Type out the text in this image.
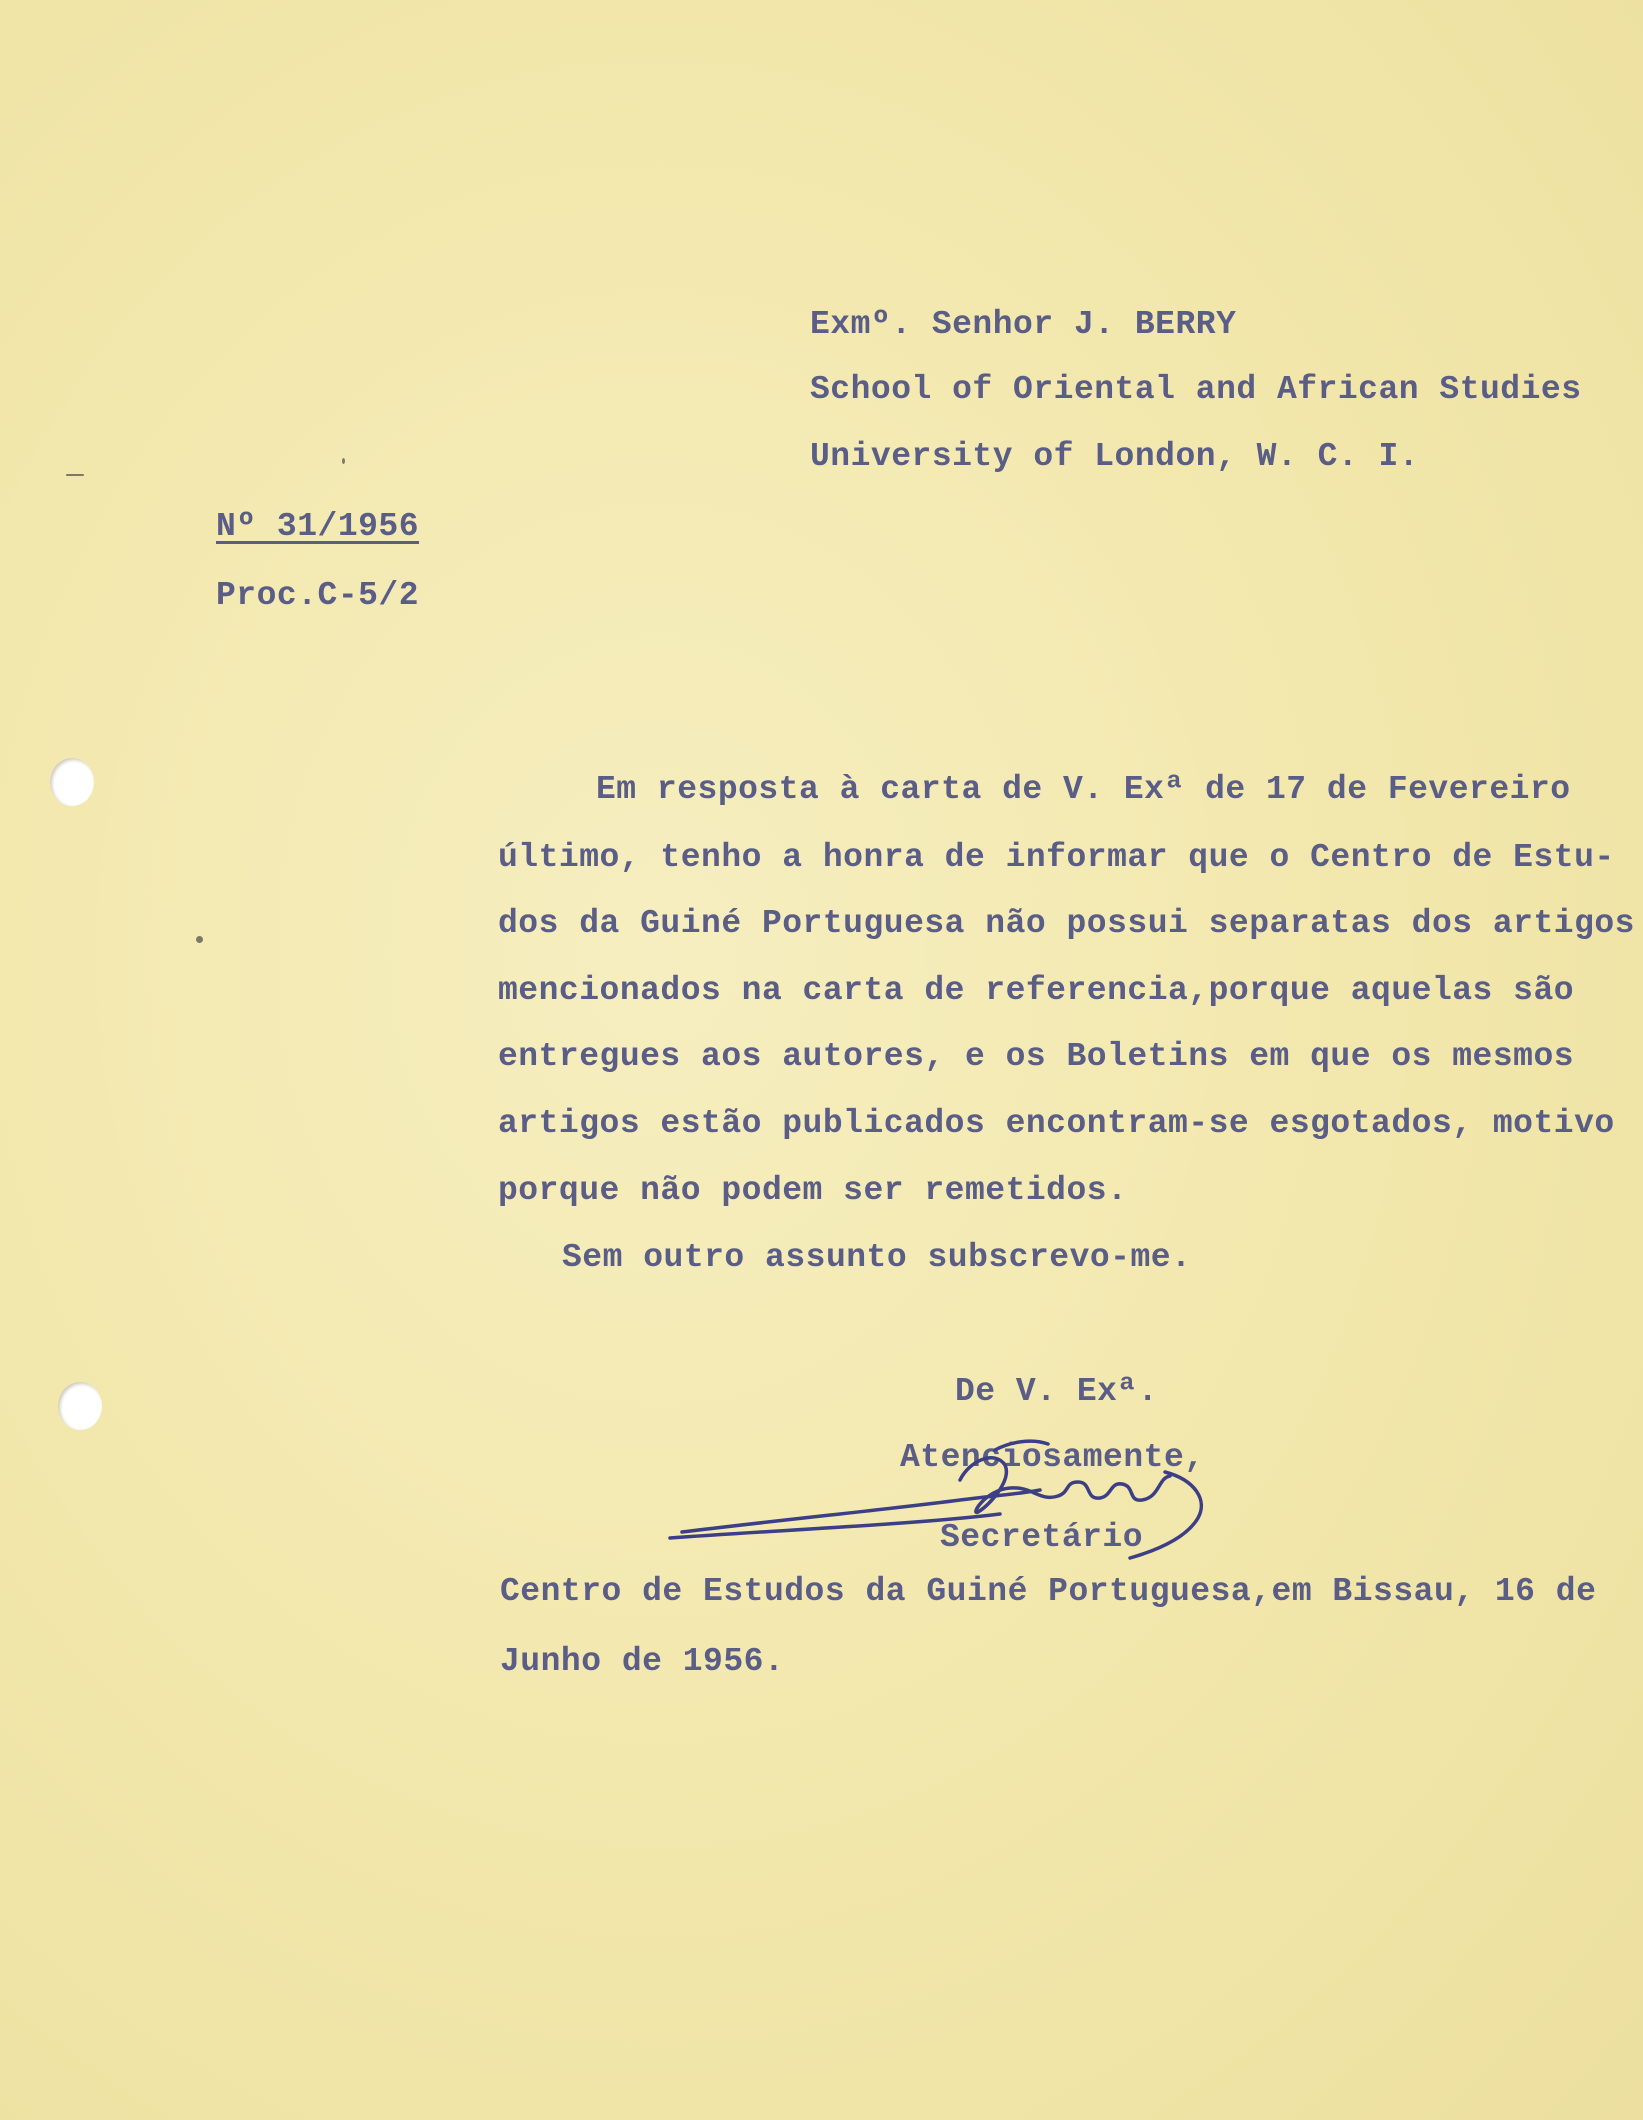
Exmº. Senhor J. BERRY
School of Oriental and African Studies
University of London, W. C. I.
Nº 31/1956
Proc.C-5/2
Em resposta à carta de V. Exª de 17 de Fevereiro
último, tenho a honra de informar que o Centro de Estu-
dos da Guiné Portuguesa não possui separatas dos artigos
mencionados na carta de referencia,porque aquelas são
entregues aos autores, e os Boletins em que os mesmos
artigos estão publicados encontram-se esgotados, motivo
porque não podem ser remetidos.
Sem outro assunto subscrevo-me.
De V. Exª.
Atenciosamente,
Secretário
Centro de Estudos da Guiné Portuguesa,em Bissau, 16 de
Junho de 1956.
